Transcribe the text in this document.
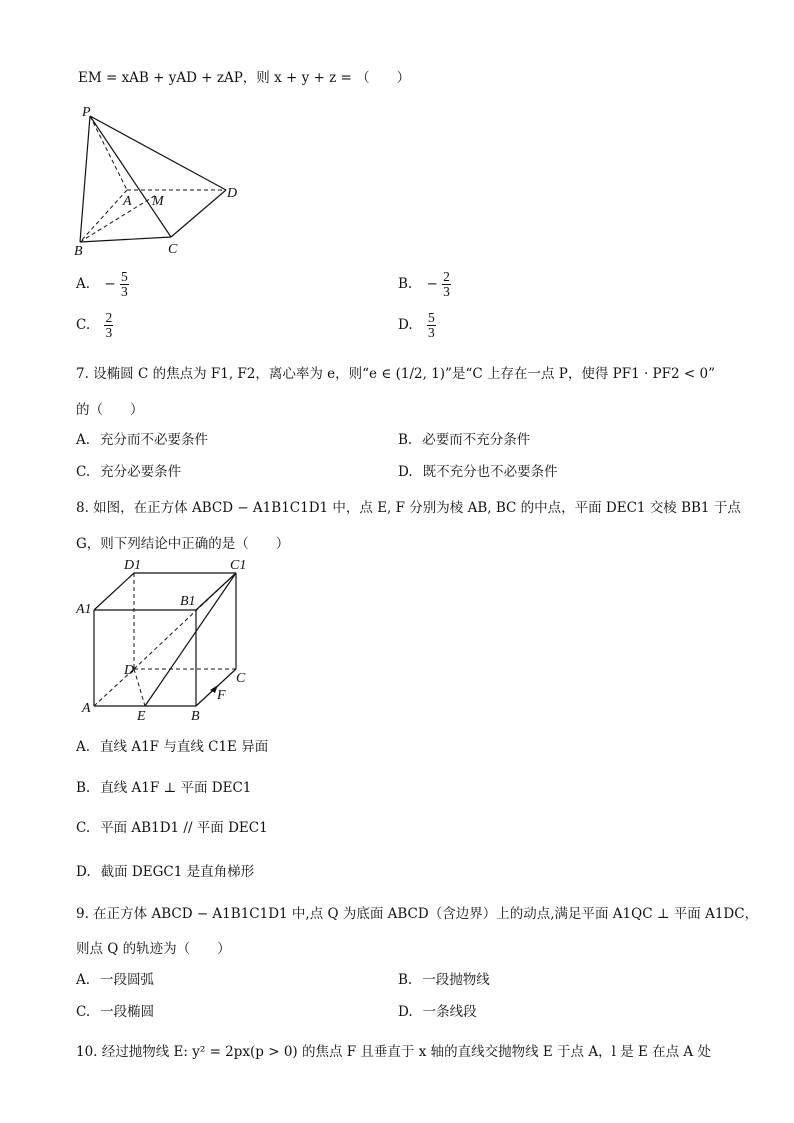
EM = xAB + yAD + zAP，则 x + y + z = （　　）
P
A M
D
B	C
A. − $\frac{5}{3}$	B. − $\frac{2}{3}$
C. $\frac{2}{3}$	D. $\frac{5}{3}$
7. 设椭圆 C 的焦点为 F1, F2，离心率为 e，则“e ∈ (1/2, 1)”是“C 上存在一点 P，使得 PF1 · PF2 < 0”
的（　　）
A. 充分而不必要条件	B. 必要而不充分条件
C. 充分必要条件	D. 既不充分也不必要条件
8. 如图，在正方体 ABCD − A1B1C1D1 中，点 E, F 分别为棱 AB, BC 的中点，平面 DEC1 交棱 BB1 于点
G，则下列结论中正确的是（　　）
D1	C1
B1
A1
D
C
F
A
E	B
A. 直线 A1F 与直线 C1E 异面
B. 直线 A1F ⊥ 平面 DEC1
C. 平面 AB1D1 // 平面 DEC1
D. 截面 DEGC1 是直角梯形
9. 在正方体 ABCD − A1B1C1D1 中,点 Q 为底面 ABCD（含边界）上的动点,满足平面 A1QC ⊥ 平面 A1DC，
则点 Q 的轨迹为（　　）
A. 一段圆弧	B. 一段抛物线
C. 一段椭圆	D. 一条线段
10. 经过抛物线 E: y² = 2px(p > 0) 的焦点 F 且垂直于 x 轴的直线交抛物线 E 于点 A，l 是 E 在点 A 处
